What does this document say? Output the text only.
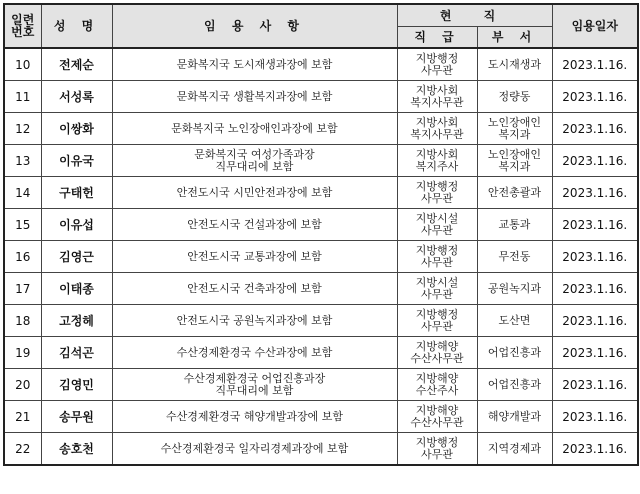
일련
번호	성 명	임 용 사 항	현 직		임용일자
			직 급	부 서	

10	전제순	문화복지국 도시재생과장에 보함	지방행정
사무관	도시재생과	2023.1.16.

11	서성록	문화복지국 생활복지과장에 보함	지방사회
복지사무관	정량동	2023.1.16.

12	이쌍화	문화복지국 노인장애인과장에 보함	지방사회
복지사무관	노인장애인
복지과	2023.1.16.

13	이유국	문화복지국 여성가족과장
직무대리에 보함	지방사회
복지주사	노인장애인
복지과	2023.1.16.

14	구태헌	안전도시국 시민안전과장에 보함	지방행정
사무관	안전총괄과	2023.1.16.

15	이유섭	안전도시국 건설과장에 보함	지방시설
사무관	교통과	2023.1.16.

16	김영근	안전도시국 교통과장에 보함	지방행정
사무관	무전동	2023.1.16.

17	이태종	안전도시국 건축과장에 보함	지방시설
사무관	공원녹지과	2023.1.16.

18	고정헤	안전도시국 공원녹지과장에 보함	지방행정
사무관	도산면	2023.1.16.

19	김석곤	수산경제환경국 수산과장에 보함	지방해양
수산사무관	어업진흥과	2023.1.16.

20	김영민	수산경제환경국 어업진흥과장
직무대리에 보함	지방해양
수산주사	어업진흥과	2023.1.16.

21	송무원	수산경제환경국 해양개발과장에 보함	지방해양
수산사무관	해양개발과	2023.1.16.

22	송호천	수산경제환경국 일자리경제과장에 보함	지방행정
사무관	지역경제과	2023.1.16.
